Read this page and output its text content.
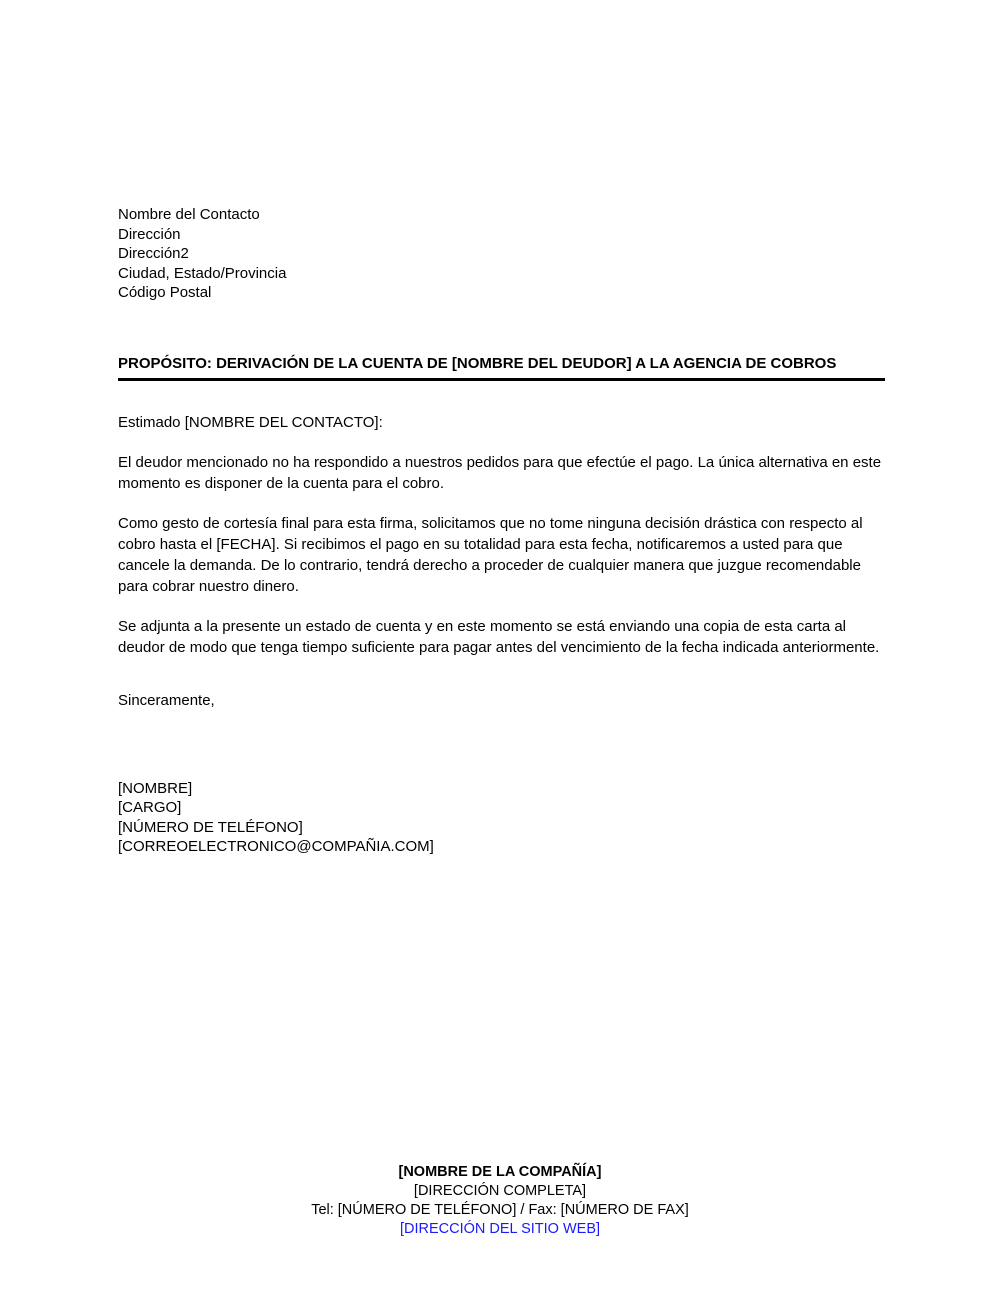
Nombre del Contacto
Dirección
Dirección2
Ciudad, Estado/Provincia
Código Postal
PROPÓSITO: DERIVACIÓN DE LA CUENTA DE [NOMBRE DEL DEUDOR] A LA AGENCIA DE COBROS
Estimado [NOMBRE DEL CONTACTO]:
El deudor mencionado no ha respondido a nuestros pedidos para que efectúe el pago. La única alternativa en este momento es disponer de la cuenta para el cobro.
Como gesto de cortesía final para esta firma, solicitamos que no tome ninguna decisión drástica con respecto al cobro hasta el [FECHA]. Si recibimos el pago en su totalidad para esta fecha, notificaremos a usted para que cancele la demanda. De lo contrario, tendrá derecho a proceder de cualquier manera que juzgue recomendable para cobrar nuestro dinero.
Se adjunta a la presente un estado de cuenta y en este momento se está enviando una copia de esta carta al deudor de modo que tenga tiempo suficiente para pagar antes del vencimiento de la fecha indicada anteriormente.
Sinceramente,
[NOMBRE]
[CARGO]
[NÚMERO DE TELÉFONO]
[CORREOELECTRONICO@COMPAÑIA.COM]
[NOMBRE DE LA COMPAÑÍA]
[DIRECCIÓN COMPLETA]
Tel: [NÚMERO DE TELÉFONO] / Fax: [NÚMERO DE FAX]
[DIRECCIÓN DEL SITIO WEB]
